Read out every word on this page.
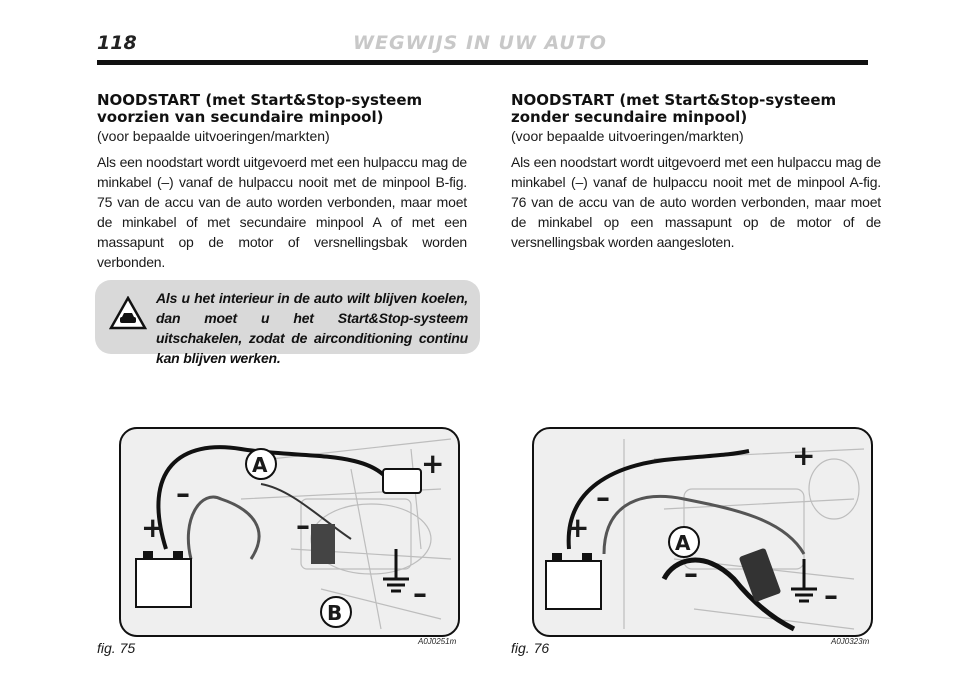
118	WEGWIJS IN UW AUTO

NOODSTART (met Start&Stop-systeem voorzien van secundaire minpool)

(voor bepaalde uitvoeringen/markten)

Als een noodstart wordt uitgevoerd met een hulpaccu mag de minkabel (–) vanaf de hulpaccu nooit met de minpool B-fig. 75 van de accu van de auto worden verbonden, maar moet de minkabel of met secundaire minpool A of met een massapunt op de motor of versnellingsbak worden verbonden.

NOODSTART (met Start&Stop-systeem zonder secundaire minpool)

(voor bepaalde uitvoeringen/markten)

Als een noodstart wordt uitgevoerd met een hulpaccu mag de minkabel (–) vanaf de hulpaccu nooit met de minpool A-fig. 76 van de accu van de auto worden verbonden, maar moet de minkabel op een massapunt op de motor of de versnellingsbak worden aangesloten.

Als u het interieur in de auto wilt blijven koelen, dan moet u het Start&Stop-systeem uitschakelen, zodat de airconditioning continu kan blijven werken.
A
B
+
+
–
–
–
fig. 75	A0J0251m
A
+
+
–
–
–
fig. 76	A0J0323m
